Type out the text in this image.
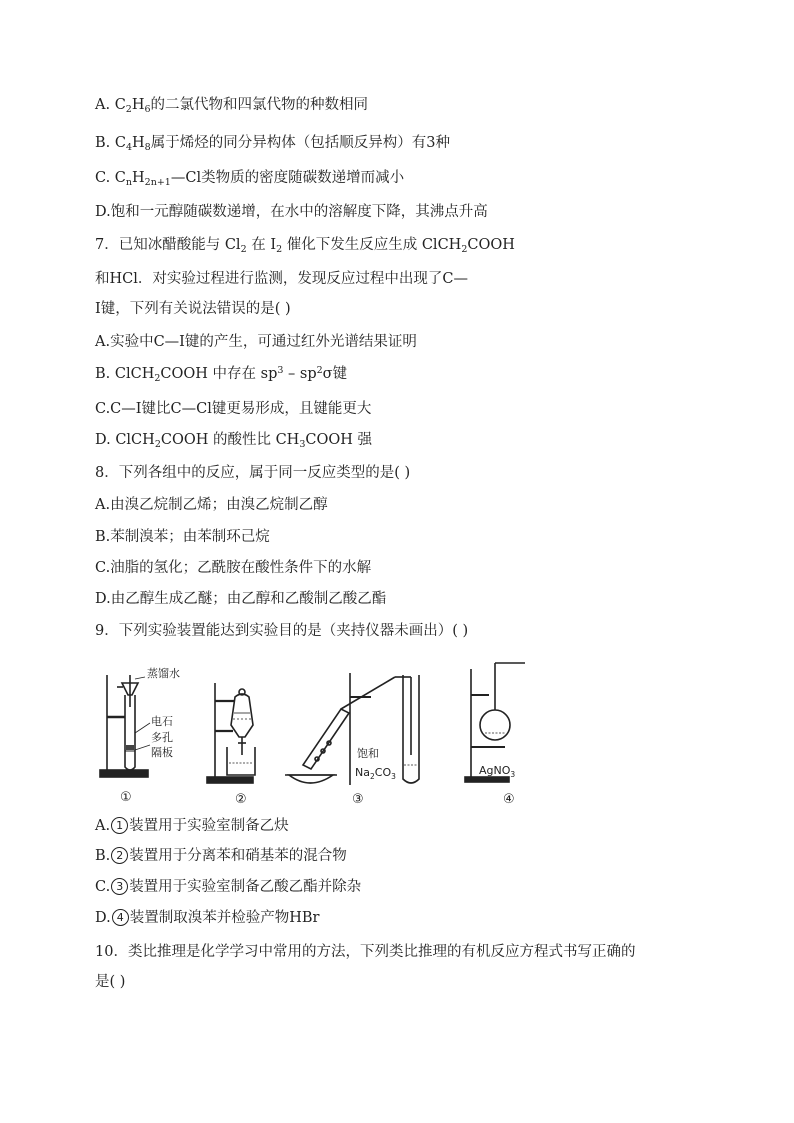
A. $C_2H_6$的二氯代物和四氯代物的种数相同
B. $C_4H_8$属于烯烃的同分异构体（包括顺反异构）有3种
C. $C_nH_{2n+1}—Cl$类物质的密度随碳数递增而减小
D.饱和一元醇随碳数递增，在水中的溶解度下降，其沸点升高
7．已知冰醋酸能与 $Cl_2$ 在 $I_2$ 催化下发生反应生成 ClCH$_2$COOH
和HCl．对实验过程进行监测，发现反应过程中出现了C—
I键，下列有关说法错误的是( )
A.实验中C—I键的产生，可通过红外光谱结果证明
B. ClCH$_2$COOH 中存在 $sp^3 - sp^2\sigma$键
C.C—I键比C—Cl键更易形成，且键能更大
D. ClCH$_2$COOH 的酸性比 $CH_3COOH$ 强
8．下列各组中的反应，属于同一反应类型的是( )
A.由溴乙烷制乙烯；由溴乙烷制乙醇
B.苯制溴苯；由苯制环己烷
C.油脂的氢化；乙酰胺在酸性条件下的水解
D.由乙醇生成乙醚；由乙醇和乙酸制乙酸乙酯
9．下列实验装置能达到实验目的是（夹持仪器未画出）( )
蒸馏水
电石
多孔
隔板	饱和
$Na_2CO_3$	AgNO$_3$
①	②	③	④
A. 1 装置用于实验室制备乙炔
B. 2 装置用于分离苯和硝基苯的混合物
C. 3 装置用于实验室制备乙酸乙酯并除杂
D. 4 装置制取溴苯并检验产物HBr
10．类比推理是化学学习中常用的方法，下列类比推理的有机反应方程式书写正确的
是( )
